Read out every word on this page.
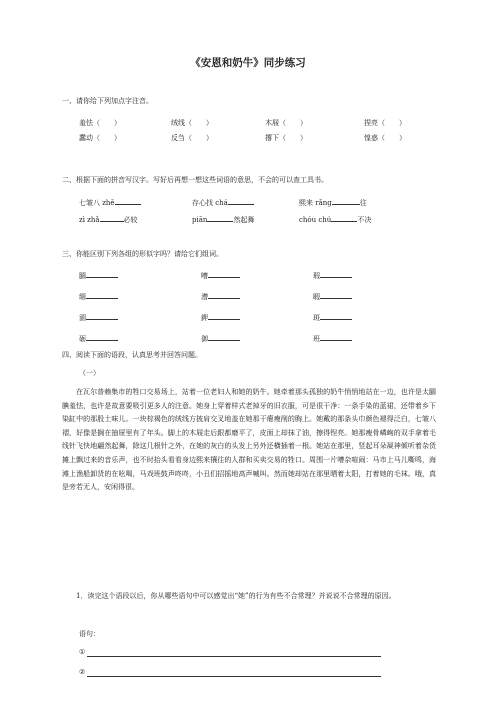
《安恩和奶牛》同步练习
一、请你给下列加点字注音。
羞怯（　　）	绒线（　　）	木屐（　　）	捏亮（　　）
蠢动（　　）	反刍（　　）	撂下（　　）	惶惑（　　）
二、根据下面的拼音写汉字。写好后再想一想这些词语的意思，不会的可以查工具书。
七皱八 zhě	存心找 chá	熙来 rǎng	往
zì zhǎ	必较	piān	然起舞	chóu chú	不决
三、你能区别下列各组的形似字吗？请给它们组词。
腼	嘈	瑕
缅	漕	暇
湎	鉀	斑
砺	御	班
四、阅读下面的语段，认真思考并回答问题。
（一）
在瓦尔普赖集市的牲口交易场上，站着一位老妇人和她的奶牛。她牵着那头孤独的奶牛悄悄地站在一边，也许是太腼腆羞怯，也许是故意要吸引更多人的注意。她身上穿着样式老掉牙的旧衣服，可是很干净：一条手染的蓝裙，还带着乡下染缸中的那股土味儿。一块棕褐色的绒线方披肩交叉地盖在她那干瘪瘦削的胸上。她戴的那条头巾颜色褪得泛白，七皱八褶，好像是搁在抽屉里有了年头。脚上的木屐走后跟都磨平了，皮面上却抹了油，擦得锃亮。她那瘦骨嶙峋的双手拿着毛线针飞快地翩然起舞，除这几根针之外，在她的灰白的头发上另外还横插着一根。她站在那里，竖起耳朵凝神倾听着杂货摊上飘过来的音乐声，也不时抬头看看身边熙来攘往的人群和买卖交易的牲口。周围一片嘈杂喧闹：马市上马儿嘶鸣，海滩上渔船卸货的在吆喝，马戏班鼓声咚咚，小丑们招摇地高声喊叫。然而她却站在那里晒着太阳，打着她的毛袜。哦，真是旁若无人，安闲得很。
1．读完这个语段以后，你从哪些语句中可以感觉出“她”的行为有些不合常理？并说说不合常理的原因。
语句：
①
②
